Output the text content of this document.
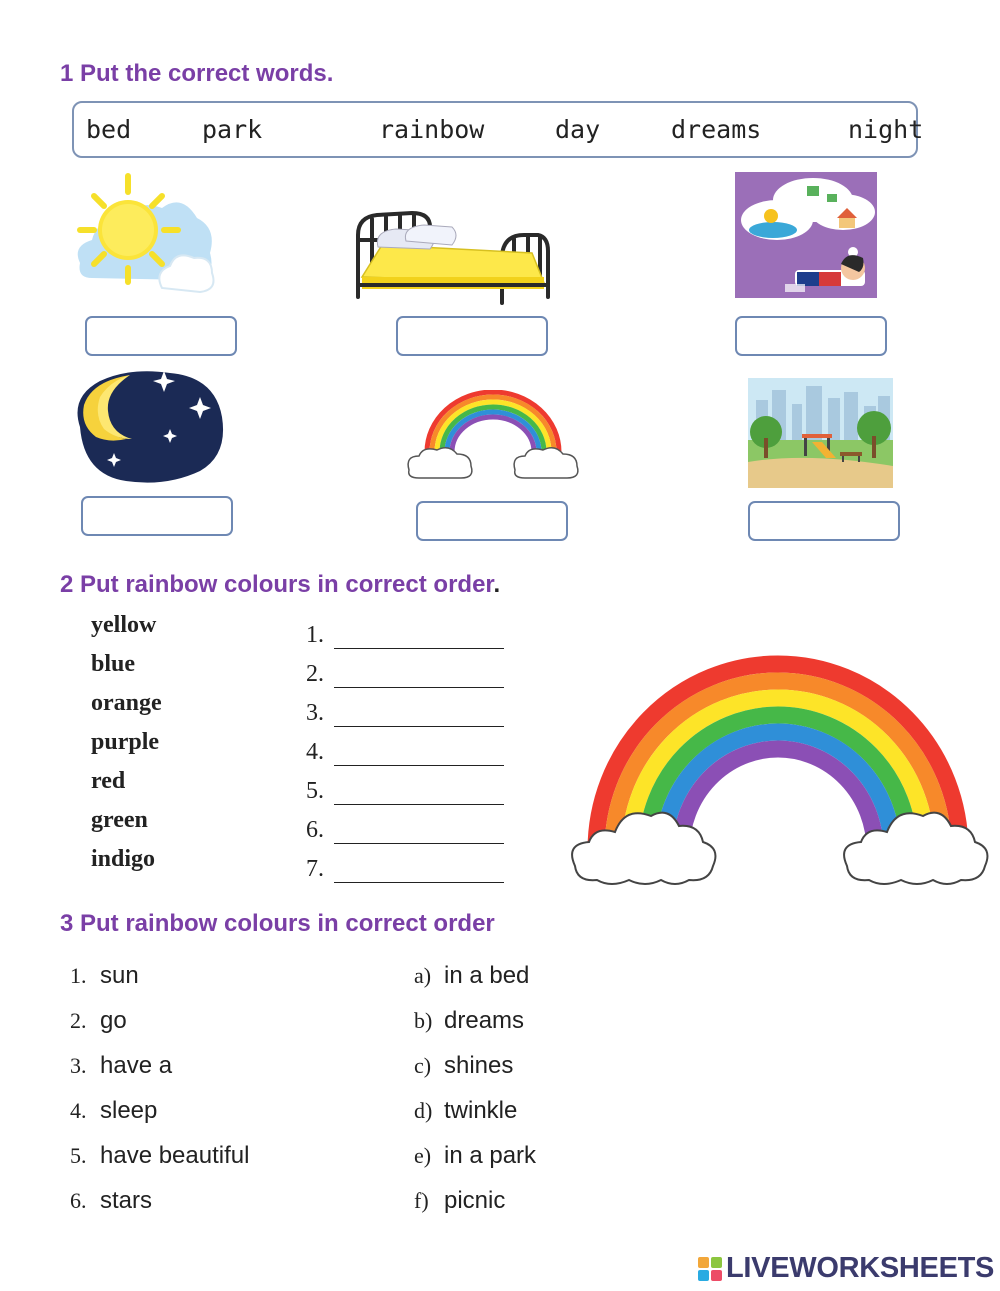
1 Put the correct words.
bed	park	rainbow	day	dreams	night
2 Put rainbow colours in correct order.
yellow
blue
orange
purple
red
green
indigo
1.
2.
3.
4.
5.
6.
7.
3 Put rainbow colours in correct order
1. sun
2. go
3. have a
4. sleep
5. have beautiful
6. stars
a) in a bed
b) dreams
c) shines
d) twinkle
e) in a park
f) picnic
LIVEWORKSHEETS
